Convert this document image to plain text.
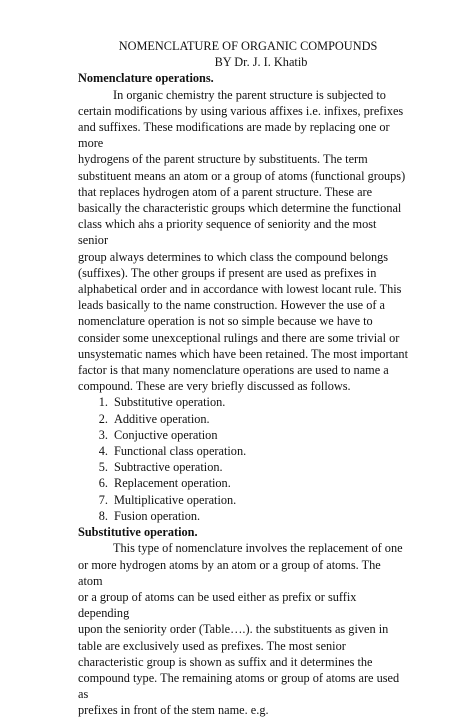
NOMENCLATURE OF ORGANIC COMPOUNDS

BY Dr. J. I. Khatib

Nomenclature operations.

In organic chemistry the parent structure is subjected to
certain modifications by using various affixes i.e. infixes, prefixes
and suffixes. These modifications are made by replacing one or more
hydrogens of the parent structure by substituents. The term
substituent means an atom or a group of atoms (functional groups)
that replaces hydrogen atom of a parent structure. These are
basically the characteristic groups which determine the functional
class which ahs a priority sequence of seniority and the most senior
group always determines to which class the compound belongs
(suffixes). The other groups if present are used as prefixes in
alphabetical order and in accordance with lowest locant rule. This
leads basically to the name construction. However the use of a
nomenclature operation is not so simple because we have to
consider some unexceptional rulings and there are some trivial or
unsystematic names which have been retained. The most important
factor is that many nomenclature operations are used to name a
compound. These are very briefly discussed as follows.

1. Substitutive operation.
2. Additive operation.
3. Conjuctive operation
4. Functional class operation.
5. Subtractive operation.
6. Replacement operation.
7. Multiplicative operation.
8. Fusion operation.

Substitutive operation.

This type of nomenclature involves the replacement of one
or more hydrogen atoms by an atom or a group of atoms. The atom
or a group of atoms can be used either as prefix or suffix depending
upon the seniority order (Table….). the substituents as given in
table are exclusively used as prefixes. The most senior
characteristic group is shown as suffix and it determines the
compound type. The remaining atoms or group of atoms are used as
prefixes in front of the stem name. e.g.
